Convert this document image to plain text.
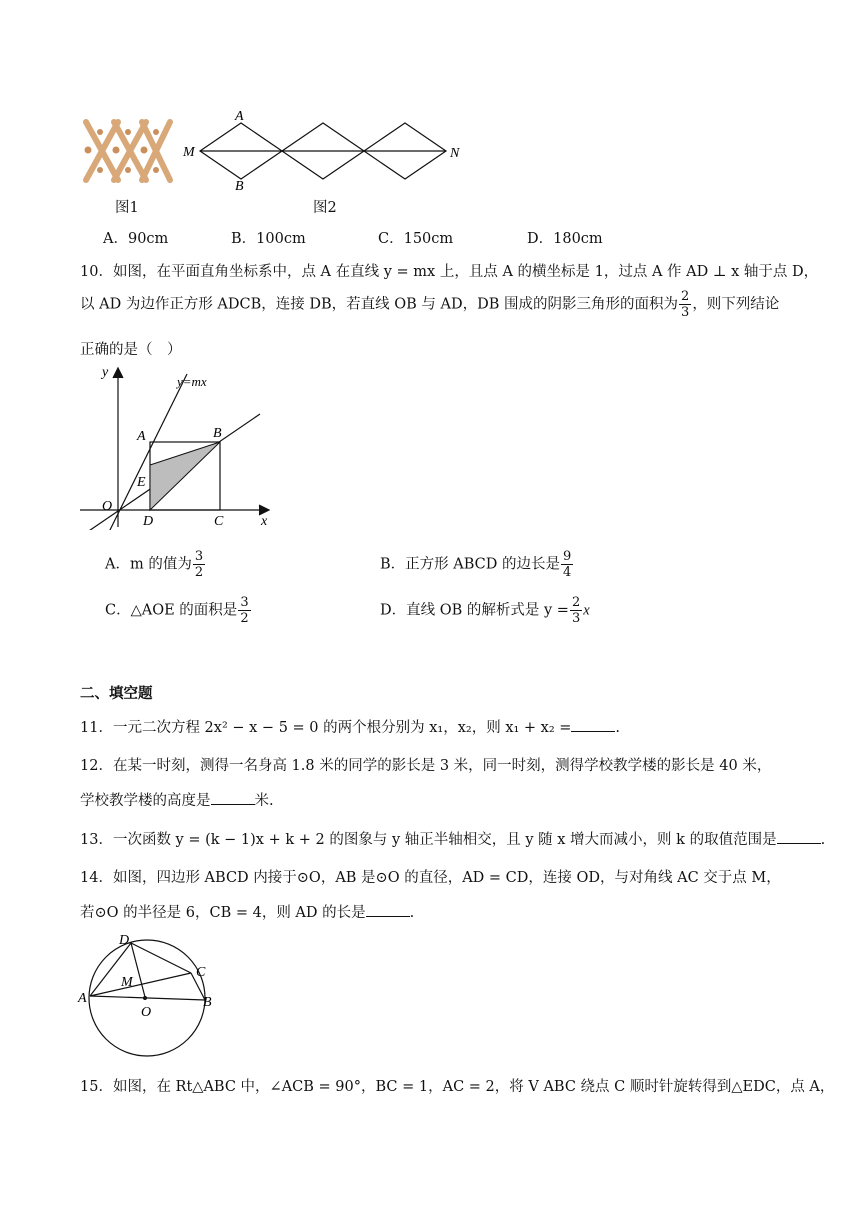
A
B
M	N
图1	图2
A．90cm	B．100cm	C．150cm	D．180cm
10．如图，在平面直角坐标系中，点 A 在直线 y = mx 上，且点 A 的横坐标是 1，过点 A 作 AD ⊥ x 轴于点 D，
以 AD 为边作正方形 ADCB，连接 DB，若直线 OB 与 AD，DB 围成的阴影三角形的面积为 $\frac{2}{3}$ ，则下列结论
正确的是（　）
y
y=mx
A	B
E
O
D	C	x
A．m 的值为 $\frac{3}{2}$	B．正方形 ABCD 的边长是 $\frac{9}{4}$
C．△AOE 的面积是 $\frac{3}{2}$	D．直线 OB 的解析式是 $y = \frac{2}{3}$ x
二、填空题
11．一元二次方程 2x² − x − 5 = 0 的两个根分别为 x₁，x₂，则 x₁ + x₂ =	.
12．在某一时刻，测得一名身高 1.8 米的同学的影长是 3 米，同一时刻，测得学校教学楼的影长是 40 米，
学校教学楼的高度是	米.
13．一次函数 y = (k − 1)x + k + 2 的图象与 y 轴正半轴相交，且 y 随 x 增大而减小，则 k 的取值范围是	.
14．如图，四边形 ABCD 内接于⊙O，AB 是⊙O 的直径，AD = CD，连接 OD，与对角线 AC 交于点 M，
若⊙O 的半径是 6，CB = 4，则 AD 的长是	.
D
C
M
A
O
B
15．如图，在 Rt△ABC 中，∠ACB = 90°，BC = 1，AC = 2，将 V ABC 绕点 C 顺时针旋转得到△EDC，点 A，
